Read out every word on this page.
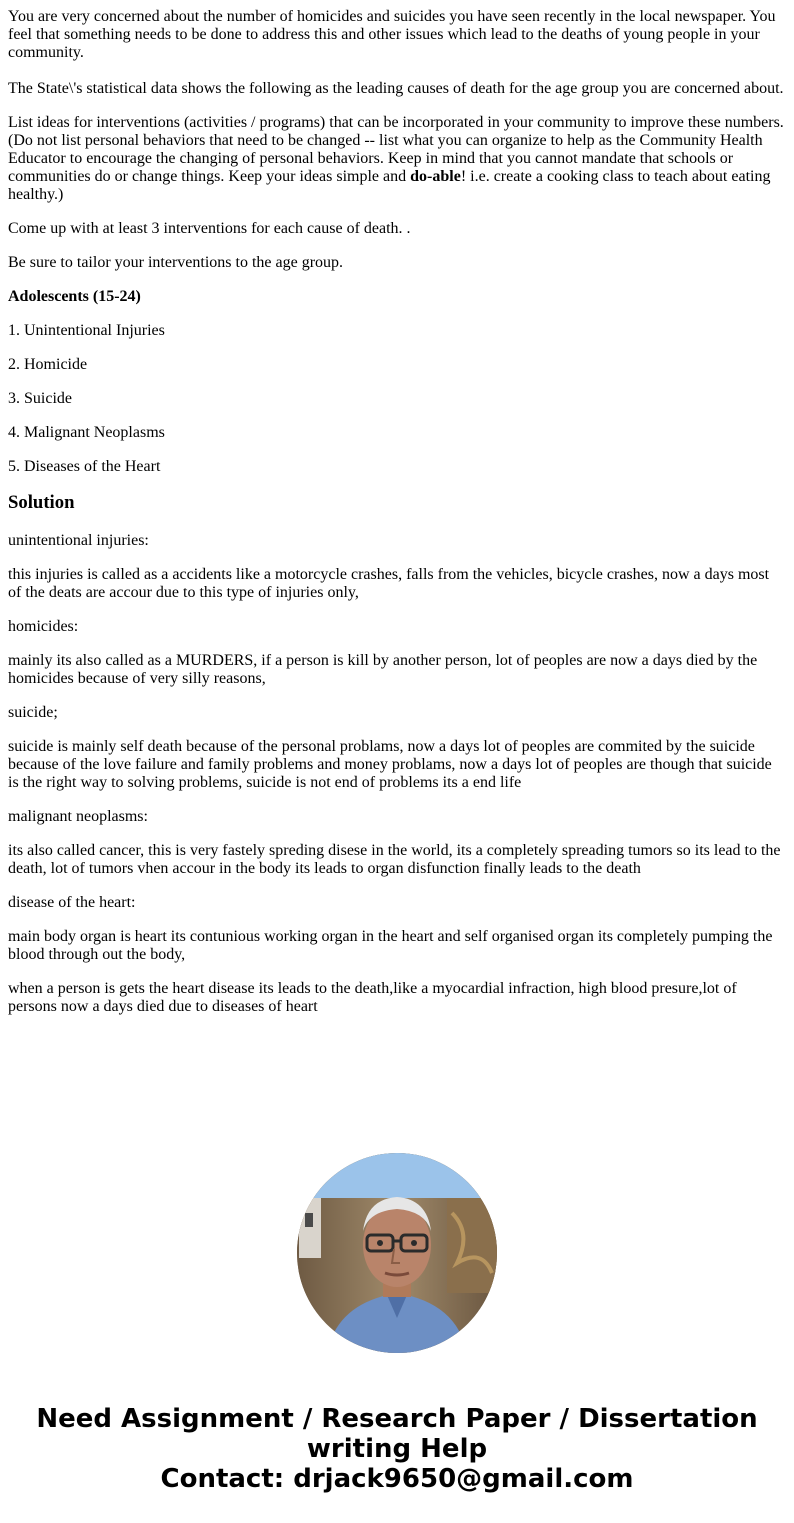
You are very concerned about the number of homicides and suicides you have seen recently in the local newspaper. You feel that something needs to be done to address this and other issues which lead to the deaths of young people in your community.

The State\'s statistical data shows the following as the leading causes of death for the age group you are concerned about.

List ideas for interventions (activities / programs) that can be incorporated in your community to improve these numbers. (Do not list personal behaviors that need to be changed -- list what you can organize to help as the Community Health Educator to encourage the changing of personal behaviors. Keep in mind that you cannot mandate that schools or communities do or change things. Keep your ideas simple and do-able! i.e. create a cooking class to teach about eating healthy.)

Come up with at least 3 interventions for each cause of death. .

Be sure to tailor your interventions to the age group.

Adolescents (15-24)

1. Unintentional Injuries

2. Homicide

3. Suicide

4. Malignant Neoplasms

5. Diseases of the Heart

Solution

unintentional injuries:

this injuries is called as a accidents like a motorcycle crashes, falls from the vehicles, bicycle crashes, now a days most of the deats are accour due to this type of injuries only,

homicides:

mainly its also called as a MURDERS, if a person is kill by another person, lot of peoples are now a days died by the homicides because of very silly reasons,

suicide;

suicide is mainly self death because of the personal problams, now a days lot of peoples are commited by the suicide because of the love failure and family problems and money problams, now a days lot of peoples are though that suicide is the right way to solving problems, suicide is not end of problems its a end life

malignant neoplasms:

its also called cancer, this is very fastely spreding disese in the world, its a completely spreading tumors so its lead to the death, lot of tumors vhen accour in the body its leads to organ disfunction finally leads to the death

disease of the heart:

main body organ is heart its contunious working organ in the heart and self organised organ its completely pumping the blood through out the body,

when a person is gets the heart disease its leads to the death,like a myocardial infraction, high blood presure,lot of persons now a days died due to diseases of heart

Need Assignment / Research Paper / Dissertation
writing Help
Contact: drjack9650@gmail.com
